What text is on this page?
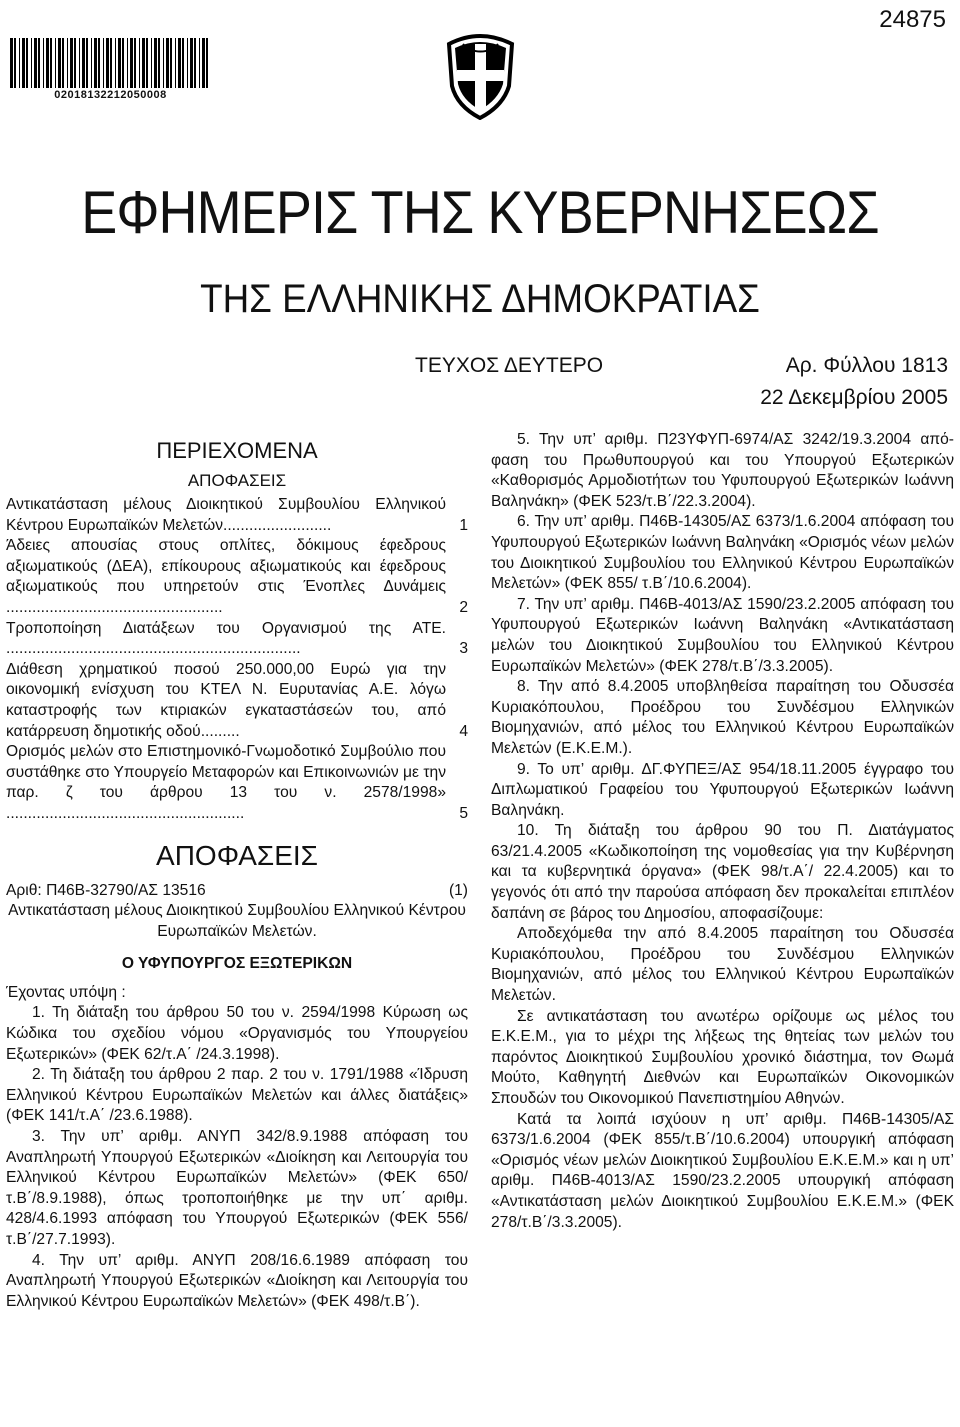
24875
02018132212050008
ΕΦΗΜΕΡΙΣ ΤΗΣ ΚΥΒΕΡΝΗΣΕΩΣ
ΤΗΣ ΕΛΛΗΝΙΚΗΣ ΔΗΜΟΚΡΑΤΙΑΣ
ΤΕΥΧΟΣ ΔΕΥΤΕΡΟ	Αρ. Φύλλου 1813
22 Δεκεμβρίου 2005
ΠΕΡΙΕΧΟΜΕΝΑ
ΑΠΟΦΑΣΕΙΣ
Αντικατάσταση μέλους Διοικητικού Συμβουλίου Ελληνικού Κέντρου Ευρωπαϊκών Μελετών.........................	1
Άδειες απουσίας στους οπλίτες, δόκιμους έφεδρους αξιωματικούς (ΔΕΑ), επίκουρους αξιωματικούς και έφεδρους αξιωματικούς που υπηρετούν στις Ένοπλες Δυνάμεις..................................................	2
Τροποποίηση Διατάξεων του Οργανισμού της ΑΤΕ.....................................................................	3
Διάθεση χρηματικού ποσού 250.000,00 Ευρώ για την οικονομική ενίσχυση του ΚΤΕΛ Ν. Ευρυτανίας Α.Ε. λόγω καταστροφής των κτιριακών εγκαταστάσεών του, από κατάρρευση δημοτικής οδού.........	4
Ορισμός μελών στο Επιστημονικό-Γνωμοδοτικό Συμβούλιο που συστάθηκε στο Υπουργείο Μεταφορών και Επικοινωνιών με την παρ. ζ του άρθρου 13 του ν. 2578/1998».......................................................	5
ΑΠΟΦΑΣΕΙΣ
Αριθ: Π46Β-32790/ΑΣ 13516	(1)
Αντικατάσταση μέλους Διοικητικού Συμβουλίου Ελληνικού Κέντρου Ευρωπαϊκών Μελετών.
Ο ΥΦΥΠΟΥΡΓΟΣ ΕΞΩΤΕΡΙΚΩΝ

Έχοντας υπόψη :

1. Τη διάταξη του άρθρου 50 του ν. 2594/1998 Κύρωση ως Κώδικα του σχεδίου νόμου «Οργανισμός του Υπουργείου Εξωτερικών» (ΦΕΚ 62/τ.Α΄ /24.3.1998).

2. Τη διάταξη του άρθρου 2 παρ. 2 του ν. 1791/1988 «Ίδρυση Ελληνικού Κέντρου Ευρωπαϊκών Μελετών και άλλες διατάξεις» (ΦΕΚ 141/τ.Α΄ /23.6.1988).

3. Την υπ’ αριθμ. ΑΝΥΠ 342/8.9.1988 απόφαση του Αναπληρωτή Υπουργού Εξωτερικών «Διοίκηση και Λειτουργία του Ελληνικού Κέντρου Ευρωπαϊκών Μελετών» (ΦΕΚ 650/τ.Β΄/8.9.1988), όπως τροποποιήθηκε με την υπ΄ αριθμ. 428/4.6.1993 απόφαση του Υπουργού Εξωτερικών (ΦΕΚ 556/τ.Β΄/27.7.1993).

4. Την υπ’ αριθμ. ΑΝΥΠ 208/16.6.1989 απόφαση του Αναπληρωτή Υπουργού Εξωτερικών «Διοίκηση και Λειτουργία του Ελληνικού Κέντρου Ευρωπαϊκών Μελετών» (ΦΕΚ 498/τ.Β΄).

5. Την υπ’ αριθμ. Π23ΥΦΥΠ-6974/ΑΣ 3242/19.3.2004 απόφαση του Πρωθυπουργού και του Υπουργού Εξωτερικών «Καθορισμός Αρμοδιοτήτων του Υφυπουργού Εξωτερικών Ιωάννη Βαληνάκη» (ΦΕΚ 523/τ.Β΄/22.3.2004).

6. Την υπ’ αριθμ. Π46Β-14305/ΑΣ 6373/1.6.2004 απόφαση του Υφυπουργού Εξωτερικών Ιωάννη Βαληνάκη «Ορισμός νέων μελών του Διοικητικού Συμβουλίου του Ελληνικού Κέντρου Ευρωπαϊκών Μελετών» (ΦΕΚ 855/ τ.Β΄/10.6.2004).

7. Την υπ’ αριθμ. Π46Β-4013/ΑΣ 1590/23.2.2005 απόφαση του Υφυπουργού Εξωτερικών Ιωάννη Βαληνάκη «Αντικατάσταση μελών του Διοικητικού Συμβουλίου του Ελληνικού Κέντρου Ευρωπαϊκών Μελετών» (ΦΕΚ 278/τ.Β΄/3.3.2005).

8. Την από 8.4.2005 υποβληθείσα παραίτηση του Οδυσσέα Κυριακόπουλου, Προέδρου του Συνδέσμου Ελληνικών Βιομηχανιών, από μέλος του Ελληνικού Κέντρου Ευρωπαϊκών Μελετών (Ε.Κ.Ε.Μ.).

9. Το υπ’ αριθμ. ΔΓ.ΦΥΠΕΞ/ΑΣ 954/18.11.2005 έγγραφο του Διπλωματικού Γραφείου του Υφυπουργού Εξωτερικών Ιωάννη Βαληνάκη.

10. Τη διάταξη του άρθρου 90 του Π. Διατάγματος 63/21.4.2005 «Κωδικοποίηση της νομοθεσίας για την Κυβέρνηση και τα κυβερνητικά όργανα» (ΦΕΚ 98/τ.Α΄/ 22.4.2005) και το γεγονός ότι από την παρούσα απόφαση δεν προκαλείται επιπλέον δαπάνη σε βάρος του Δημοσίου, αποφασίζουμε:

Αποδεχόμεθα την από 8.4.2005 παραίτηση του Οδυσσέα Κυριακόπουλου, Προέδρου του Συνδέσμου Ελληνικών Βιομηχανιών, από μέλος του Ελληνικού Κέντρου Ευρωπαϊκών Μελετών.

Σε αντικατάσταση του ανωτέρω ορίζουμε ως μέλος του Ε.Κ.Ε.Μ., για το μέχρι της λήξεως της θητείας των μελών του παρόντος Διοικητικού Συμβουλίου χρονικό διάστημα, τον Θωμά Μούτο, Καθηγητή Διεθνών και Ευρωπαϊκών Οικονομικών Σπουδών του Οικονομικού Πανεπιστημίου Αθηνών.

Κατά τα λοιπά ισχύουν η υπ’ αριθμ. Π46Β-14305/ΑΣ 6373/1.6.2004 (ΦΕΚ 855/τ.Β΄/10.6.2004) υπουργική απόφαση «Ορισμός νέων μελών Διοικητικού Συμβουλίου Ε.Κ.Ε.Μ.» και η υπ’ αριθμ. Π46Β-4013/ΑΣ 1590/23.2.2005 υπουργική απόφαση «Αντικατάσταση μελών Διοικητικού Συμβουλίου Ε.Κ.Ε.Μ.» (ΦΕΚ 278/τ.Β΄/3.3.2005).
